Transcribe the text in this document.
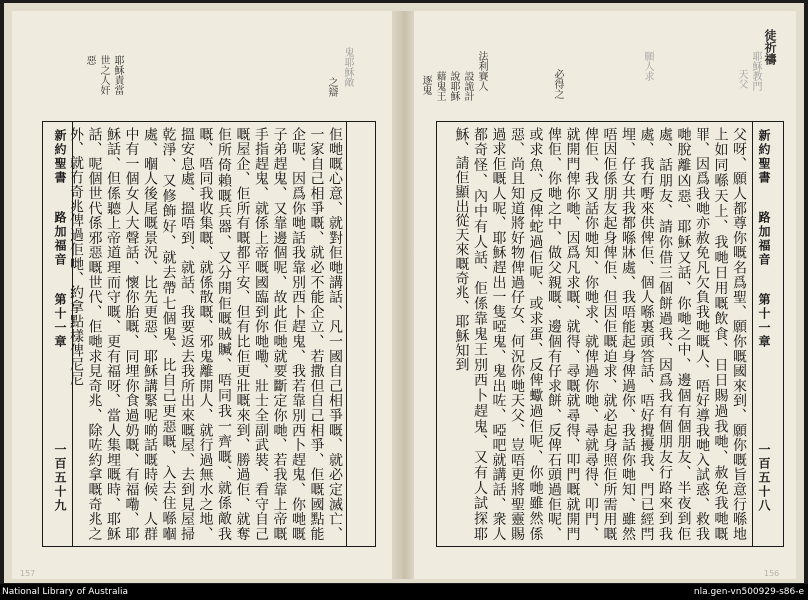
鬼耶穌敵
之辯
耶穌責當
世之人奸
惡
新約聖書
路加福音
第十一章
一百五十九	佢哋嘅心意、就對佢哋講話、凡一國自己相爭嘅、就必定滅亡、一家自己相爭嘅、就必不能企立、若撒但自己相爭、佢嘅國點能企呢、因爲你哋話我靠別西卜趕鬼、我若靠別西卜趕鬼、你哋嘅子弟趕鬼、又靠邊個呢、故此佢哋就要斷定你哋、若我靠上帝嘅手指趕鬼、就係上帝嘅國臨到你哋嘞、壯士全副武裝、看守自己嘅屋企、佢所有嘅都平安、但有比佢更壯嘅來到、勝過佢、就奪佢所倚賴嘅兵器、又分開佢嘅賊贓、唔同我一齊嘅、就係敵我嘅、唔同我收集嘅、就係散嘅、邪鬼離開人、就行過無水之地、搵安息處、搵唔到、就話、我要返去我所出來嘅屋、去到見屋掃乾淨、又修飾好、就去帶七個鬼、比自己更惡嘅、入去住喺嗰處、嗰人後尾嘅景況、比先更惡、耶穌講緊呢啲話嘅時候、人群中有一個女人大聲話、懷你胎嘅、同埋你食過奶嘅、有福嘞、耶穌話、但係聽上帝道理而守嘅、更有福呀、當人集埋嘅時、耶穌話、呢個世代係邪惡嘅世代、佢哋求見奇兆、除咗約拿嘅奇兆之外、就冇奇兆俾過佢哋、約拿點樣俾尼尼
徒祈禱
耶穌教門
天父
願人求
必得之
法利賽人
設詭計
說耶穌
藉鬼王
逐鬼
新約聖書
路加福音
第十一章
一百五十八
父呀、願人都尊你嘅名爲聖、願你嘅國來到、願你嘅旨意行喺地上如同喺天上、我哋日用嘅飲食、日日賜過我哋、赦免我哋嘅罪、因爲我哋亦赦免凡欠負我哋嘅人、唔好導我哋入試惑、救我哋脫離凶惡、耶穌又話、你哋之中、邊個有個朋友、半夜到佢處、話朋友、請你借三個餅過我、因爲我有個朋友行路來到我處、我冇嘢來供俾佢、個人喺裏頭答話、唔好攪擾我、門已經閂埋、仔女共我都喺牀處、我唔能起身俾過你、我話你哋知、雖然唔因佢係朋友起身俾佢、但因佢嘅迫求、就必起身照佢所需用嘅俾佢、我又話你哋知、你哋求、就俾過你哋、尋就尋得、叩門、就開門俾你哋、因爲凡求嘅、就得、尋嘅就尋得、叩門嘅就開門俾佢、你哋之中、做父親嘅、邊個有仔求餅、反俾石頭過佢呢、或求魚、反俾蛇過佢呢、或求蛋、反俾蠍過佢呢、你哋雖然係惡、尚且知道將好物俾過仔女、何況你哋天父、豈唔更將聖靈賜過求佢嘅人呢、耶穌趕出一隻啞鬼、鬼出咗、啞吧就講話、衆人都奇怪、內中有人話、佢係靠鬼王別西卜趕鬼、又有人試探耶穌、請佢顯出從天來嘅奇兆、耶穌知到
157	156
National Library of Australia	nla.gen-vn500929-s86-e
